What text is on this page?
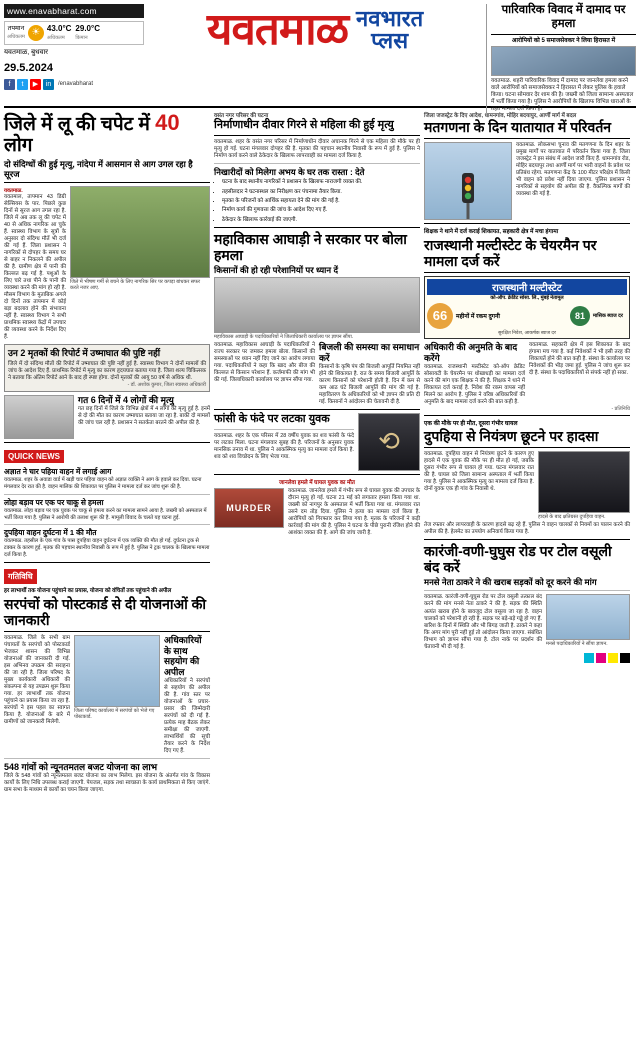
www.enavabharat.com
तपमान
अधिकतम ☀ 43.0°C
अधिकतम
29.0°C
किमान
यवतमाळ, बुधवार
29.5.2024
f	t	▶	in	/enavabharat
यवतमाळ नवभारत
प्लस
पारिवारिक विवाद में दामाद पर हमला
आरोपियों को 5 समाजसेवकर ने लिया हिरासत में

यवतमाळ. शहरी पारिवारिक विवाद में दामाद पर जानलेवा हमला करने वाले आरोपियों को समाजसेवकर ने हिरासत में लेकर पुलिस के हवाले किया। घटना सोमवार देर शाम की है। जख्मी को जिला सामान्य अस्पताल में भर्ती किया गया है। पुलिस ने आरोपियों के खिलाफ विभिन्न धाराओं के तहत मामला दर्ज किया है।

जिले में लू की चपेट में 40 लोग
दो संदिग्धों की हुई मृत्यु, नांदेपा में आसमान से आग उगल रहा है सूरज
यवतमाळ.
यवतमाल, तापमान 43 डिग्री सेल्सियस के पार. पिछले कुछ दिनों से सूरज आग उगल रहा है. जिले में अब तक लू की चपेट में 40 से अधिक नागरिक आ चुके हैं. स्वास्थ्य विभाग के सूत्रों के अनुसार दो संदिग्ध मौतें भी दर्ज की गई हैं. जिला प्रशासन ने नागरिकों से दोपहर के समय घर से बाहर न निकलने की अपील की है. ग्रामीण क्षेत्र में पानी की किल्लत बढ़ गई है. पशुओं के लिए चारे तथा पीने के पानी की व्यवस्था करने की मांग हो रही है. मौसम विभाग के मुताबिक अगले दो दिनों तक तापमान में कोई बड़ा बदलाव होने की संभावना नहीं है. स्वास्थ्य विभाग ने सभी प्राथमिक स्वास्थ्य केंद्रों में उपचार की व्यवस्था करने के निर्देश दिए हैं.
जिले में भीषण गर्मी से बचने के लिए नागरिक सिर पर कपड़ा बांधकर सफर करते नजर आए.
उन 2 मृतकों की रिपोर्ट में उष्माघात की पुष्टि नहीं
जिले में दो संदिग्ध मौतों की रिपोर्ट में उष्माघात की पुष्टि नहीं हुई है. स्वास्थ्य विभाग ने दोनों मामलों की जांच के आदेश दिए हैं. प्राथमिक रिपोर्ट में मृत्यु का कारण हृदयघात बताया गया है. जिला शल्य चिकित्सक ने बताया कि अंतिम रिपोर्ट आने के बाद ही स्पष्ट होगा. दोनों मृतकों की आयु 50 वर्ष से अधिक थी.
- डॉ. अशोक कुमार, जिला स्वास्थ्य अधिकारी
गत 6 दिनों में 4 लोगों की मृत्यु
गत छह दिनों में जिले के विभिन्न क्षेत्रों में 4 लोगों की मृत्यु हुई है. इनमें से दो की मौत का कारण उष्माघात बताया जा रहा है. बाकी दो मामलों की जांच चल रही है. प्रशासन ने सतर्कता बरतने की अपील की है.
QUICK NEWS
अज्ञात ने चार पहिया वाहन में लगाई आग
यवतमाळ. शहर के अवाडा वार्ड में खड़ी चार पहिया वाहन को अज्ञात व्यक्ति ने आग के हवाले कर दिया. घटना मंगलवार देर रात की है. वाहन मालिक की शिकायत पर पुलिस ने मामला दर्ज कर जांच शुरू की है.
लोहा बड़ाव पर एक पर चाकू से हमला
यवतमाळ. लोहा बड़ाव पर एक युवक पर चाकू से हमला करने का मामला सामने आया है. जख्मी को अस्पताल में भर्ती किया गया है. पुलिस ने आरोपी की तलाश शुरू की है. मामूली विवाद के चलते यह घटना हुई.
दुपहिया वाहन दुर्घटना में 1 की मौत
यवतमाळ. तहसील के एक गांव के पास दुपहिया वाहन दुर्घटना में एक व्यक्ति की मौत हो गई. दुर्घटना ट्रक से टक्कर के कारण हुई. मृतक की पहचान स्थानीय निवासी के रूप में हुई है. पुलिस ने ट्रक चालक के खिलाफ मामला दर्ज किया है.
गतिविधि
हर लाभार्थी तक योजना पहुंचाने का प्रयास, योजना को वंचितों तक पहुंचाने की अपील
सरपंचों को पोस्टकार्ड से दी योजनाओं की जानकारी
यवतमाळ. जिले के सभी ग्राम पंचायतों के सरपंचों को पोस्टकार्ड भेजकर शासन की विभिन्न योजनाओं की जानकारी दी गई. इस अभिनव उपक्रम की सराहना की जा रही है. जिला परिषद के मुख्य कार्यकारी अधिकारी की संकल्पना से यह उपक्रम शुरू किया गया. हर लाभार्थी तक योजना पहुंचाने का प्रयास किया जा रहा है. सरपंचों ने इस पहल का स्वागत किया है. योजनाओं के बारे में ग्रामीणों को जानकारी मिलेगी.
जिला परिषद कार्यालय में सरपंचों को भेजे गए पोस्टकार्ड.
अधिकारियों के साथ सहयोग की अपील
अधिकारियों ने सरपंचों से सहयोग की अपील की है. गांव स्तर पर योजनाओं के प्रचार-प्रसार की जिम्मेदारी सरपंचों को दी गई है. प्रत्येक माह बैठक लेकर समीक्षा की जाएगी. लाभार्थियों की सूची तैयार करने के निर्देश दिए गए हैं.
548 गांवों को न्यूनतमतल बजट योजना का लाभ
जिले के 548 गांवों को न्यूनतमतल बजट योजना का लाभ मिलेगा. इस योजना के अंतर्गत गांव के विकास कार्यों के लिए निधि उपलब्ध कराई जाएगी. पेयजल, सड़क तथा स्वच्छता के कार्य प्राथमिकता से किए जाएंगे. ग्राम सभा के माध्यम से कार्यों का चयन किया जाएगा.
वसंत नगर परिसर की घटना
निर्माणाधीन दीवार गिरने से महिला की हुई मृत्यु
यवतमाळ. शहर के वसंत नगर परिसर में निर्माणाधीन दीवार अचानक गिरने से एक महिला की मौके पर ही मृत्यु हो गई. घटना मंगलवार दोपहर की है. मृतका की पहचान स्थानीय निवासी के रूप में हुई है. पुलिस ने निर्माण कार्य करने वाले ठेकेदार के खिलाफ लापरवाही का मामला दर्ज किया है.
निखारीदों को मिलेगा अभय के घर तक रास्ता : देते
• घटना के बाद स्थानीय नागरिकों ने प्रशासन के खिलाफ नाराजगी व्यक्त की.
• तहसीलदार ने घटनास्थल का निरीक्षण कर पंचनामा तैयार किया.
• मृतका के परिजनों को आर्थिक सहायता देने की मांग की गई है.
• निर्माण कार्य की गुणवत्ता की जांच के आदेश दिए गए हैं.
• ठेकेदार के खिलाफ कार्रवाई की जाएगी.
महाविकास आघाड़ी ने सरकार पर बोला हमला
किसानों की हो रही परेशानियों पर ध्यान दें
महाविकास आघाड़ी के पदाधिकारियों ने जिलाधिकारी कार्यालय पर ज्ञापन सौंपा.
यवतमाळ. महाविकास आघाड़ी के पदाधिकारियों ने राज्य सरकार पर जमकर हमला बोला. किसानों की समस्याओं पर ध्यान नहीं दिए जाने का आरोप लगाया गया. पदाधिकारियों ने कहा कि खाद और बीज की किल्लत से किसान परेशान हैं. कर्जमाफी की मांग भी की गई. जिलाधिकारी कार्यालय पर ज्ञापन सौंपा गया.
बिजली की समस्या का समाधान करें
किसानों के कृषि पंप की बिजली आपूर्ति नियमित नहीं होने की शिकायत है. रात के समय बिजली आपूर्ति के कारण किसानों को परेशानी होती है. दिन में कम से कम आठ घंटे बिजली आपूर्ति की मांग की गई है. महावितरण के अधिकारियों को भी ज्ञापन की प्रति दी गई. किसानों ने आंदोलन की चेतावनी दी है.
फांसी के फंदे पर लटका युवक
यवतमाळ. शहर के एक परिसर में 28 वर्षीय युवक का शव फांसी के फंदे पर लटका मिला. घटना मंगलवार सुबह की है. परिजनों के अनुसार युवक मानसिक तनाव में था. पुलिस ने आकस्मिक मृत्यु का मामला दर्ज किया है. शव को शव विच्छेदन के लिए भेजा गया.
⟲
जानलेवा हमले में घायल युवक का मौत
MURDER
यवतमाळ. जानलेवा हमले में गंभीर रूप से घायल युवक की उपचार के दौरान मृत्यु हो गई. घटना 21 मई को लगातार हमला किया गया था. जख्मी को नागपुर के अस्पताल में भर्ती किया गया था. मंगलवार रात उसने दम तोड़ दिया. पुलिस ने हत्या का मामला दर्ज किया है. आरोपियों को गिरफ्तार कर लिया गया है. मृतक के परिजनों ने कड़ी कार्रवाई की मांग की है. पुलिस ने घटना के पीछे पुरानी रंजिश होने की आशंका व्यक्त की है. आगे की जांच जारी है.
जिला जजस्ट्रेट के दिए आदेश, धामनगांव, मोहिर बदयापुर, आर्णी मार्ग में बदल
मतगणना के दिन यातायात में परिवर्तन
यवतमाळ. लोकसभा चुनाव की मतगणना के दिन शहर के प्रमुख मार्गों पर यातायात में परिवर्तन किया गया है. जिला जजस्ट्रेट ने इस संबंध में आदेश जारी किए हैं. धामनगांव रोड, मोहिर बदयापुर तथा आर्णी मार्ग पर भारी वाहनों के प्रवेश पर प्रतिबंध रहेगा. मतगणना केंद्र के 100 मीटर परिक्षेत्र में किसी भी वाहन को प्रवेश नहीं दिया जाएगा. पुलिस प्रशासन ने नागरिकों से सहयोग की अपील की है. वैकल्पिक मार्गों की व्यवस्था की गई है.
शिक्षक ने थाने में दर्ज कराई शिकायत, सहकारी क्षेत्र में मचा हंगामा
राजस्थानी मल्टीस्टेट के चेयरमैन पर मामला दर्ज करें
राजस्थानी मल्टीस्टेट
को-ऑप. क्रेडिट सोसा. लि., मुंबई नेतामूल
66	महीनों में रकम दुगनी	81	मासिक ब्याज दर
सुरक्षित निवेश, आकर्षक ब्याज दर
अधिकारी की अनुमति के बाद करेंगे
यवतमाळ. राजस्थानी मल्टीस्टेट को-ऑप क्रेडिट सोसायटी के चेयरमैन पर धोखाधड़ी का मामला दर्ज करने की मांग एक शिक्षक ने की है. शिक्षक ने थाने में शिकायत दर्ज कराई है. निवेश की रकम वापस नहीं मिलने का आरोप है. पुलिस ने वरिष्ठ अधिकारियों की अनुमति के बाद मामला दर्ज करने की बात कही है.
यवतमाळ. सहकारी क्षेत्र में इस शिकायत के बाद हंगामा मच गया है. कई निवेशकों ने भी इसी तरह की शिकायतें होने की बात कही है. संस्था के कार्यालय पर निवेशकों की भीड़ जमा हुई. पुलिस ने जांच शुरू कर दी है. संस्था के पदाधिकारियों से संपर्क नहीं हो सका.
- प्रतिनिधि
एक की मौके पर ही मौत, दूसरा गंभीर घायल
दुपहिया से नियंत्रण छूटने पर हादसा
यवतमाळ. दुपहिया वाहन से नियंत्रण छूटने के कारण हुए हादसे में एक युवक की मौके पर ही मौत हो गई, जबकि दूसरा गंभीर रूप से घायल हो गया. घटना मंगलवार रात की है. घायल को जिला सामान्य अस्पताल में भर्ती किया गया है. पुलिस ने आकस्मिक मृत्यु का मामला दर्ज किया है. दोनों युवक एक ही गांव के निवासी थे.
हादसे के बाद क्षतिग्रस्त दुपहिया वाहन.
तेज रफ्तार और लापरवाही के कारण हादसे बढ़ रहे हैं. पुलिस ने वाहन चालकों से नियमों का पालन करने की अपील की है. हेलमेट का उपयोग अनिवार्य किया गया है.
कारंजी-वणी-घुघुस रोड पर टोल वसूली बंद करें
मनसे नेता ठाकरे ने की खराब सड़कों को दूर करने की मांग
यवतमाळ. कारंजी-वणी-घुघुस रोड पर टोल वसूली तत्काल बंद करने की मांग मनसे नेता ठाकरे ने की है. सड़क की स्थिति अत्यंत खराब होने के बावजूद टोल वसूला जा रहा है. वाहन चालकों को परेशानी हो रही है. सड़क पर बड़े-बड़े गड्ढे हो गए हैं. बारिश के दिनों में स्थिति और भी बिगड़ जाती है. ठाकरे ने कहा कि अगर मांग पूरी नहीं हुई तो आंदोलन किया जाएगा. संबंधित विभाग को ज्ञापन सौंपा गया है. टोल नाके पर प्रदर्शन की चेतावनी भी दी गई है.	मनसे पदाधिकारियों ने सौंपा ज्ञापन.
